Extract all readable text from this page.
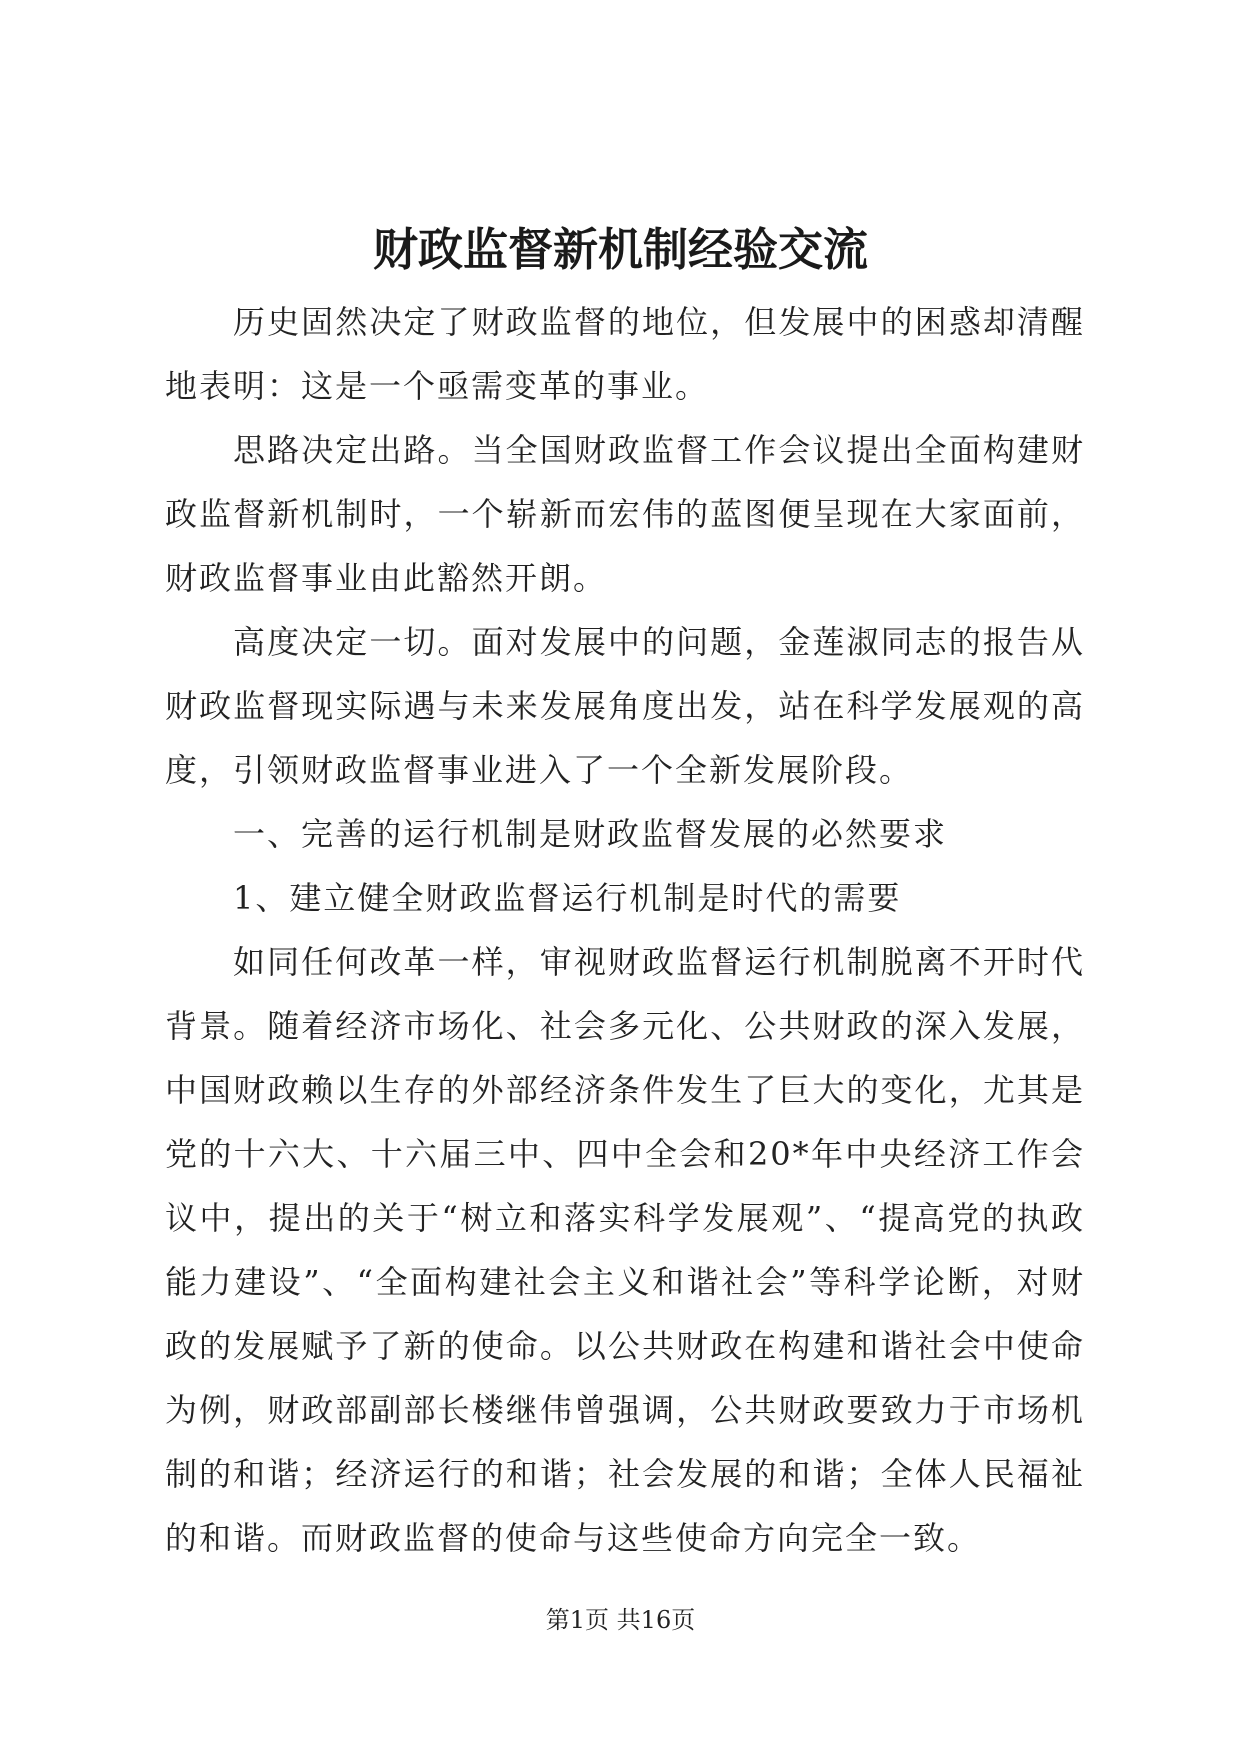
财政监督新机制经验交流

历史固然决定了财政监督的地位，但发展中的困惑却清醒地表明：这是一个亟需变革的事业。

思路决定出路。当全国财政监督工作会议提出全面构建财政监督新机制时，一个崭新而宏伟的蓝图便呈现在大家面前，财政监督事业由此豁然开朗。

高度决定一切。面对发展中的问题，金莲淑同志的报告从财政监督现实际遇与未来发展角度出发，站在科学发展观的高度，引领财政监督事业进入了一个全新发展阶段。

一、完善的运行机制是财政监督发展的必然要求

1、建立健全财政监督运行机制是时代的需要

如同任何改革一样，审视财政监督运行机制脱离不开时代背景。随着经济市场化、社会多元化、公共财政的深入发展，中国财政赖以生存的外部经济条件发生了巨大的变化，尤其是党的十六大、十六届三中、四中全会和20*年中央经济工作会议中，提出的关于“树立和落实科学发展观”、“提高党的执政能力建设”、“全面构建社会主义和谐社会”等科学论断，对财政的发展赋予了新的使命。以公共财政在构建和谐社会中使命为例，财政部副部长楼继伟曾强调，公共财政要致力于市场机制的和谐；经济运行的和谐；社会发展的和谐；全体人民福祉的和谐。而财政监督的使命与这些使命方向完全一致。

第1页 共16页
